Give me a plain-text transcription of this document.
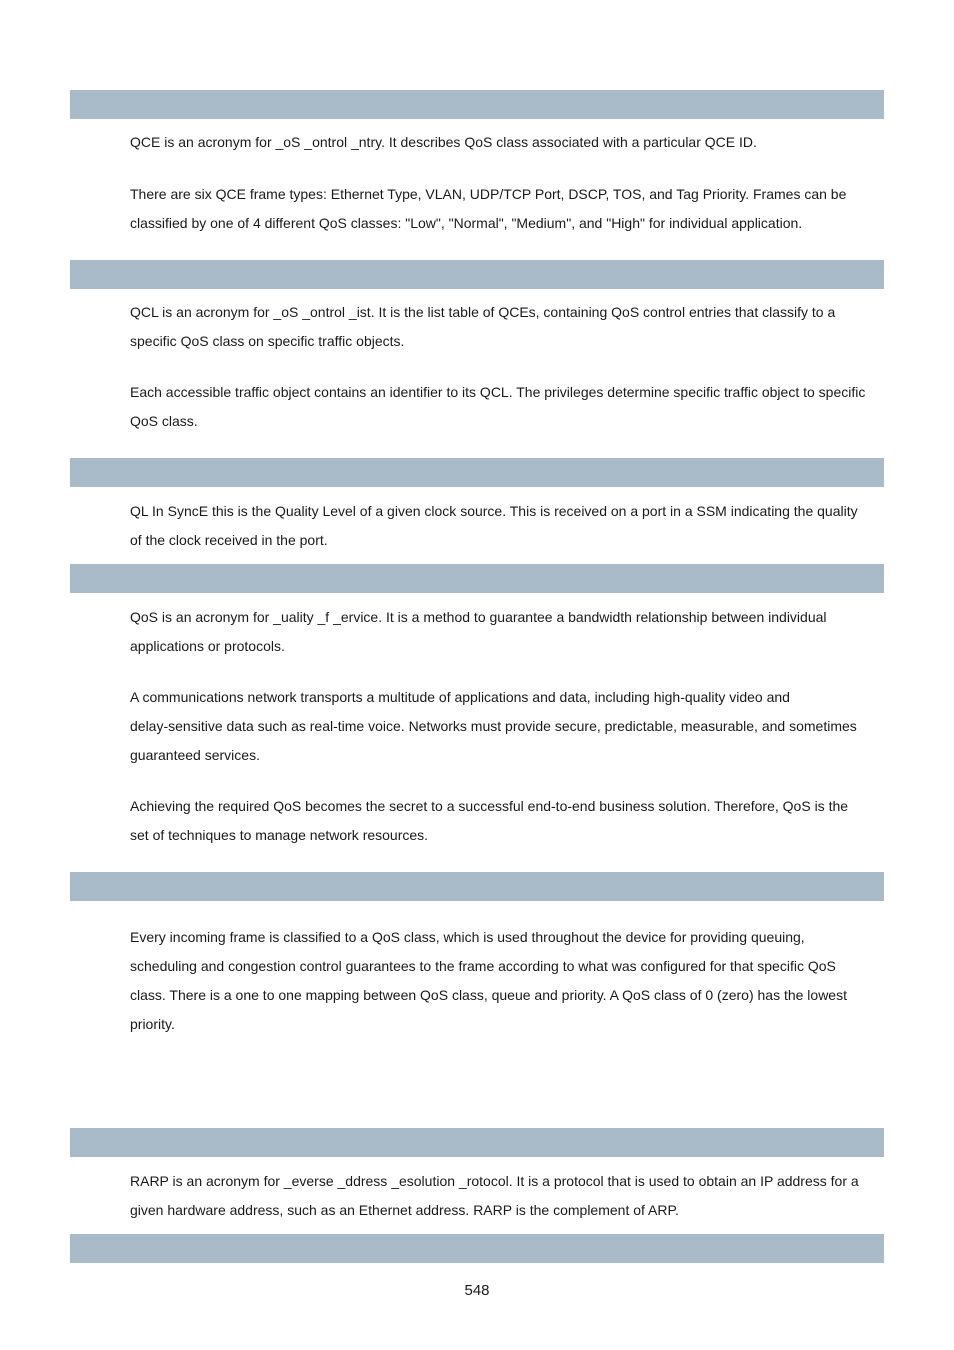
QCE is an acronym for _oS _ontrol _ntry. It describes QoS class associated with a particular QCE ID.

There are six QCE frame types: Ethernet Type, VLAN, UDP/TCP Port, DSCP, TOS, and Tag Priority. Frames can be
classified by one of 4 different QoS classes: "Low", "Normal", "Medium", and "High" for individual application.

QCL is an acronym for _oS _ontrol _ist. It is the list table of QCEs, containing QoS control entries that classify to a
specific QoS class on specific traffic objects.

Each accessible traffic object contains an identifier to its QCL. The privileges determine specific traffic object to specific
QoS class.

QL In SyncE this is the Quality Level of a given clock source. This is received on a port in a SSM indicating the quality
of the clock received in the port.

QoS is an acronym for _uality _f _ervice. It is a method to guarantee a bandwidth relationship between individual
applications or protocols.

A communications network transports a multitude of applications and data, including high-quality video and
delay-sensitive data such as real-time voice. Networks must provide secure, predictable, measurable, and sometimes
guaranteed services.

Achieving the required QoS becomes the secret to a successful end-to-end business solution. Therefore, QoS is the
set of techniques to manage network resources.

Every incoming frame is classified to a QoS class, which is used throughout the device for providing queuing,
scheduling and congestion control guarantees to the frame according to what was configured for that specific QoS
class. There is a one to one mapping between QoS class, queue and priority. A QoS class of 0 (zero) has the lowest
priority.

RARP is an acronym for _everse _ddress _esolution _rotocol. It is a protocol that is used to obtain an IP address for a
given hardware address, such as an Ethernet address. RARP is the complement of ARP.

548
